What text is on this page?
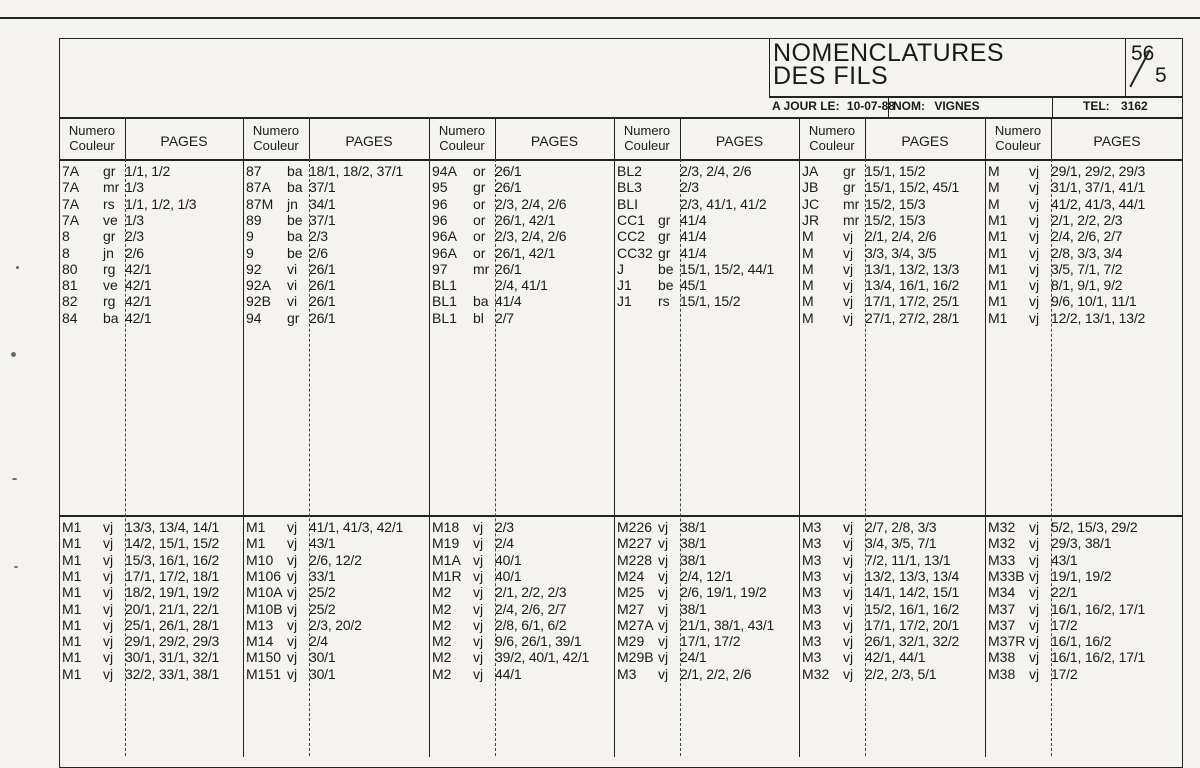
NOMENCLATURES
DES FILS
56
5
A JOUR LE: 10-07-88
NOM: VIGNES	TEL: 3162
Numero
Couleur	PAGES
Numero
Couleur	PAGES
Numero
Couleur	PAGES
Numero
Couleur	PAGES
Numero
Couleur	PAGES
Numero
Couleur	PAGES
7A gr 1/1, 1/2
7A mr 1/3
7A rs 1/1, 1/2, 1/3
7A ve 1/3
8 gr 2/3
8 jn 2/6
80 rg 42/1
81 ve 42/1
82 rg 42/1
84 ba 42/1
87 ba 18/1, 18/2, 37/1
87A ba 37/1
87M jn 34/1
89 be 37/1
9 ba 2/3
9 be 2/6
92 vi 26/1
92A vi 26/1
92B vi 26/1
94 gr 26/1
94A or 26/1
95 gr 26/1
96 or 2/3, 2/4, 2/6
96 or 26/1, 42/1
96A or 2/3, 2/4, 2/6
96A or 26/1, 42/1
97 mr 26/1
BL1	2/4, 41/1
BL1 ba 41/4
BL1 bl 2/7
BL2	2/3, 2/4, 2/6
BL3	2/3
BLI	2/3, 41/1, 41/2
CC1 gr 41/4
CC2 gr 41/4
CC32 gr 41/4
J be 15/1, 15/2, 44/1
J1 be 45/1
J1 rs 15/1, 15/2
JA gr 15/1, 15/2
JB gr 15/1, 15/2, 45/1
JC mr 15/2, 15/3
JR mr 15/2, 15/3
M vj 2/1, 2/4, 2/6
M vj 3/3, 3/4, 3/5
M vj 13/1, 13/2, 13/3
M vj 13/4, 16/1, 16/2
M vj 17/1, 17/2, 25/1
M vj 27/1, 27/2, 28/1
M vj 29/1, 29/2, 29/3
M vj 31/1, 37/1, 41/1
M vj 41/2, 41/3, 44/1
M1 vj 2/1, 2/2, 2/3
M1 vj 2/4, 2/6, 2/7
M1 vj 2/8, 3/3, 3/4
M1 vj 3/5, 7/1, 7/2
M1 vj 8/1, 9/1, 9/2
M1 vj 9/6, 10/1, 11/1
M1 vj 12/2, 13/1, 13/2
M1 vj 13/3, 13/4, 14/1
M1 vj 14/2, 15/1, 15/2
M1 vj 15/3, 16/1, 16/2
M1 vj 17/1, 17/2, 18/1
M1 vj 18/2, 19/1, 19/2
M1 vj 20/1, 21/1, 22/1
M1 vj 25/1, 26/1, 28/1
M1 vj 29/1, 29/2, 29/3
M1 vj 30/1, 31/1, 32/1
M1 vj 32/2, 33/1, 38/1
M1 vj 41/1, 41/3, 42/1
M1 vj 43/1
M10 vj 2/6, 12/2
M106 vj 33/1
M10A vj 25/2
M10B vj 25/2
M13 vj 2/3, 20/2
M14 vj 2/4
M150 vj 30/1
M151 vj 30/1
M18 vj 2/3
M19 vj 2/4
M1A vj 40/1
M1R vj 40/1
M2 vj 2/1, 2/2, 2/3
M2 vj 2/4, 2/6, 2/7
M2 vj 2/8, 6/1, 6/2
M2 vj 9/6, 26/1, 39/1
M2 vj 39/2, 40/1, 42/1
M2 vj 44/1
M226 vj 38/1
M227 vj 38/1
M228 vj 38/1
M24 vj 2/4, 12/1
M25 vj 2/6, 19/1, 19/2
M27 vj 38/1
M27A vj 21/1, 38/1, 43/1
M29 vj 17/1, 17/2
M29B vj 24/1
M3 vj 2/1, 2/2, 2/6
M3 vj 2/7, 2/8, 3/3
M3 vj 3/4, 3/5, 7/1
M3 vj 7/2, 11/1, 13/1
M3 vj 13/2, 13/3, 13/4
M3 vj 14/1, 14/2, 15/1
M3 vj 15/2, 16/1, 16/2
M3 vj 17/1, 17/2, 20/1
M3 vj 26/1, 32/1, 32/2
M3 vj 42/1, 44/1
M32 vj 2/2, 2/3, 5/1
M32 vj 5/2, 15/3, 29/2
M32 vj 29/3, 38/1
M33 vj 43/1
M33B vj 19/1, 19/2
M34 vj 22/1
M37 vj 16/1, 16/2, 17/1
M37 vj 17/2
M37R vj 16/1, 16/2
M38 vj 16/1, 16/2, 17/1
M38 vj 17/2
